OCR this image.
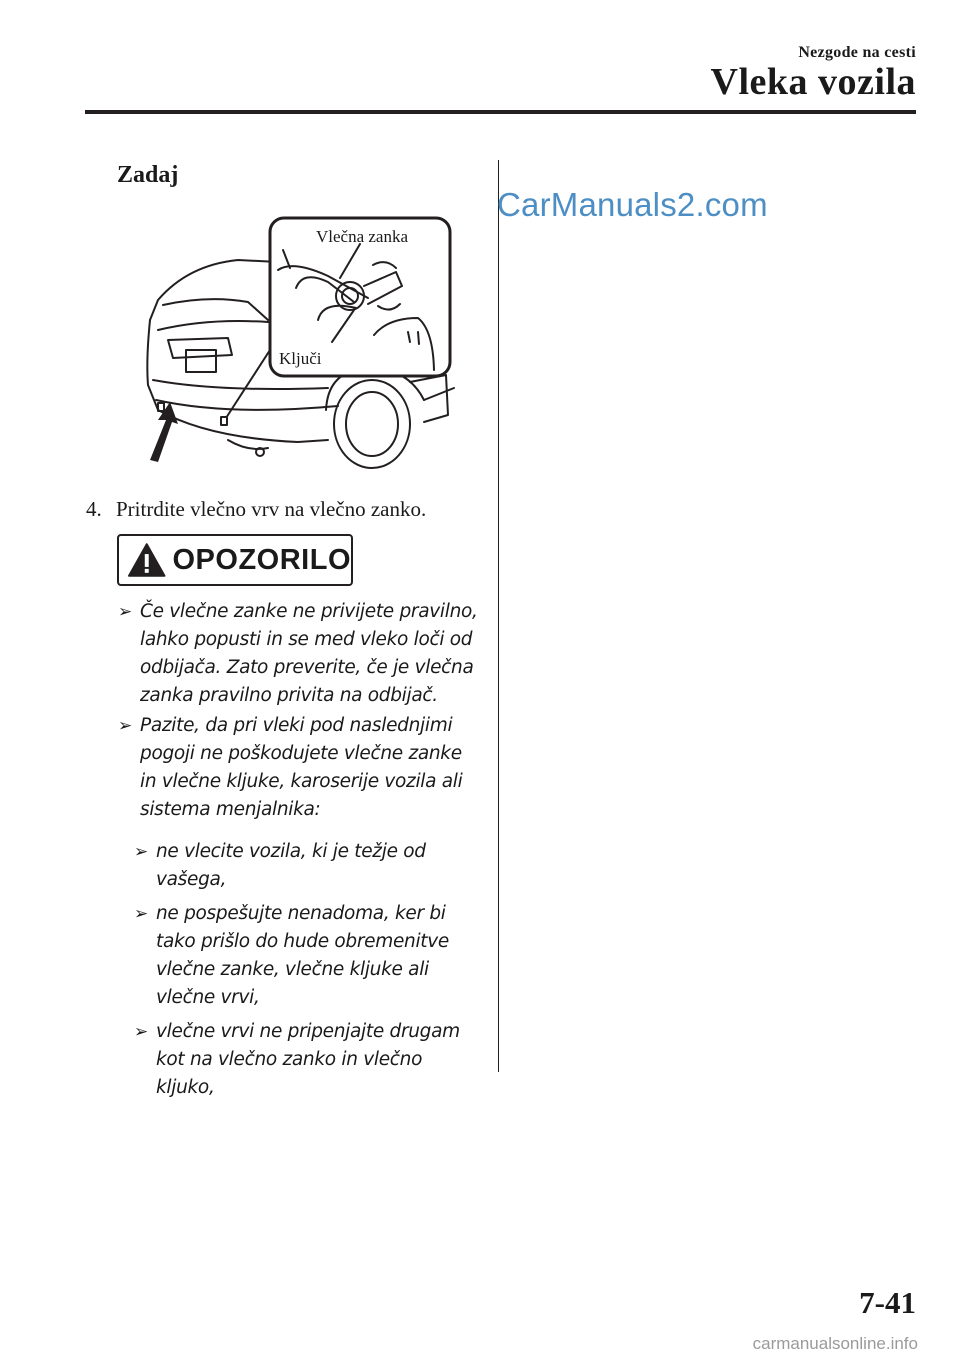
Nezgode na cesti
Vleka vozila
CarManuals2.com
Zadaj
Vlečna zanka
Ključi
4. Pritrdite vlečno vrv na vlečno zanko.
OPOZORILO
➢ Če vlečne zanke ne privijete pravilno, lahko popusti in se med vleko loči od odbijača. Zato preverite, če je vlečna zanka pravilno privita na odbijač.
➢ Pazite, da pri vleki pod naslednjimi pogoji ne poškodujete vlečne zanke in vlečne kljuke, karoserije vozila ali sistema menjalnika:
➢ ne vlecite vozila, ki je težje od vašega,
➢ ne pospešujte nenadoma, ker bi tako prišlo do hude obremenitve vlečne zanke, vlečne kljuke ali vlečne vrvi,
➢ vlečne vrvi ne pripenjajte drugam kot na vlečno zanko in vlečno kljuko,
7-41
carmanualsonline.info
